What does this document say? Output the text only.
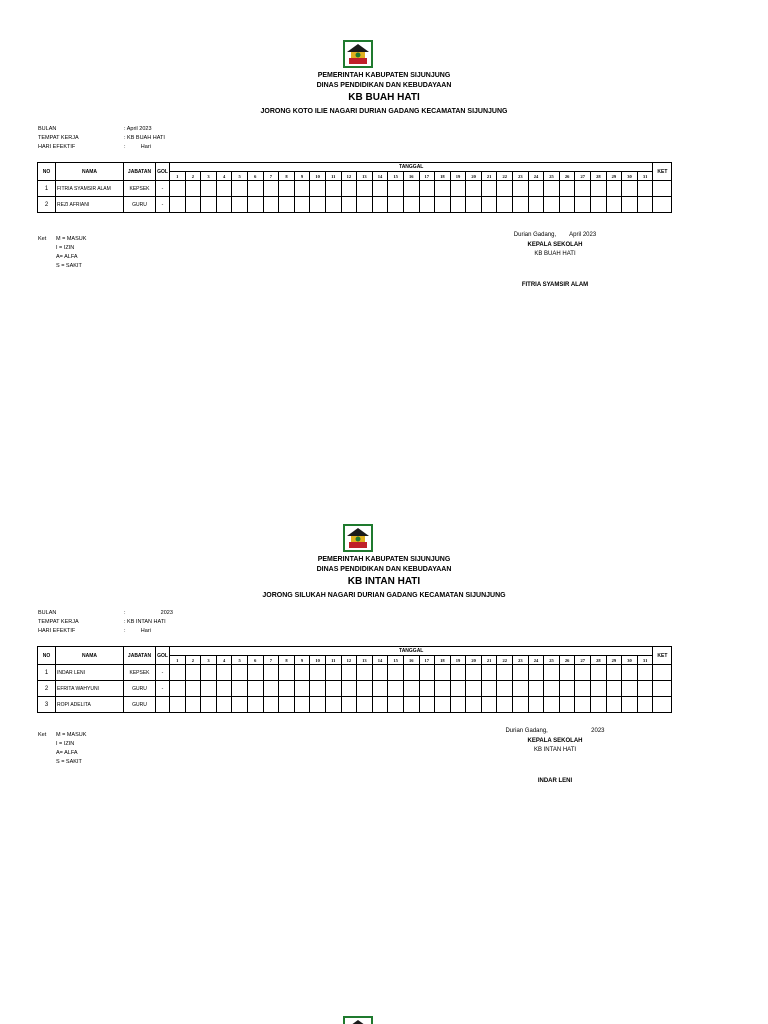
PEMERINTAH KABUPATEN SIJUNJUNG
DINAS PENDIDIKAN DAN KEBUDAYAAN
KB BUAH HATI
JORONG KOTO ILIE NAGARI DURIAN GADANG KECAMATAN SIJUNJUNG
BULAN	: April 2023
TEMPAT KERJA	: KB BUAH HATI
HARI EFEKTIF	:          Hari
NO	NAMA	JABATAN	GOL	TANGGAL																															KET
				1	2	3	4	5	6	7	8	9	10	11	12	13	14	15	16	17	18	19	20	21	22	23	24	25	26	27	28	29	30	31	
1	FITRIA SYAMSIR ALAM	KEPSEK	-																																
2	REZI AFRIANI	GURU	-																																
Ket M = MASUK
I = IZIN
A= ALFA
S = SAKIT
Durian Gadang,        April 2023
KEPALA SEKOLAH
KB BUAH HATI
FITRIA SYAMSIR ALAM
PEMERINTAH KABUPATEN SIJUNJUNG
DINAS PENDIDIKAN DAN KEBUDAYAAN
KB INTAN HATI
JORONG SILUKAH NAGARI DURIAN GADANG KECAMATAN SIJUNJUNG
BULAN	:                       2023
TEMPAT KERJA	: KB INTAN HATI
HARI EFEKTIF	:          Hari
NO	NAMA	JABATAN	GOL	TANGGAL																															KET
				1	2	3	4	5	6	7	8	9	10	11	12	13	14	15	16	17	18	19	20	21	22	23	24	25	26	27	28	29	30	31	
1	INDAR LENI	KEPSEK	-																																
2	EFRITA WAHYUNI	GURU	-																																
3	ROPI ADELITA	GURU																																	
Ket M = MASUK
I = IZIN
A= ALFA
S = SAKIT
Durian Gadang,                          2023
KEPALA SEKOLAH
KB INTAN HATI
INDAR LENI
